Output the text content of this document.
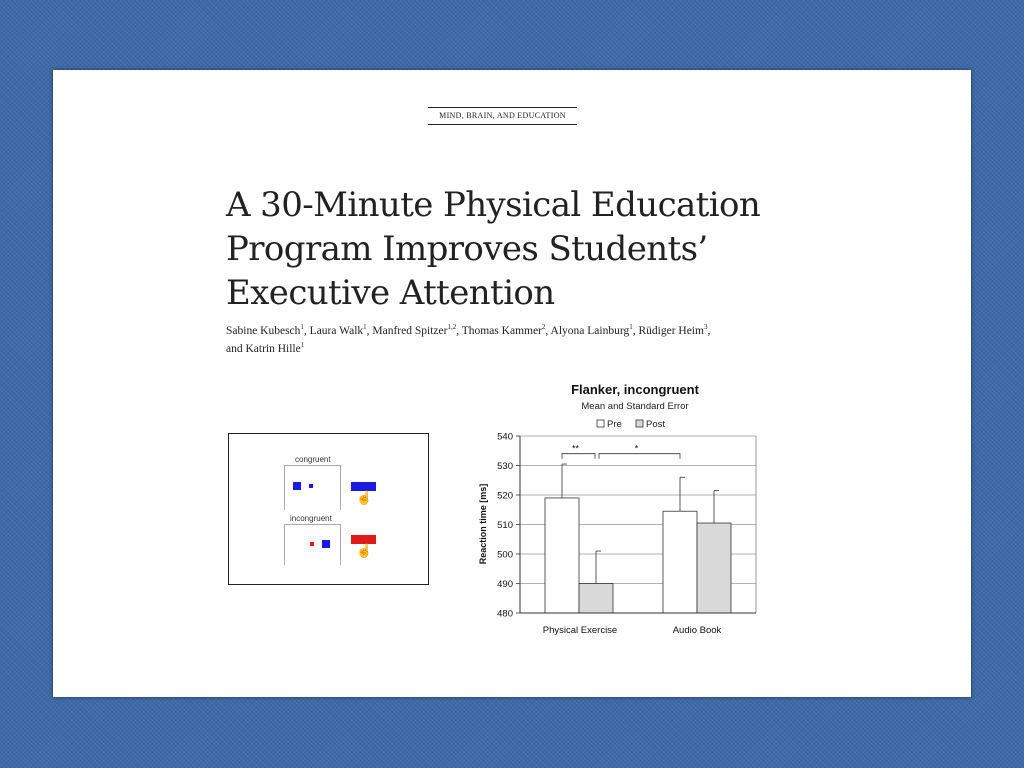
MIND, BRAIN, AND EDUCATION
A 30-Minute Physical Education
Program Improves Students’
Executive Attention
Sabine Kubesch$^1$, Laura Walk$^1$, Manfred Spitzer$^{1,2}$, Thomas Kammer$^2$, Alyona Lainburg$^1$, Rüdiger Heim$^3$,
and Katrin Hille$^1$
congruent
☝
incongruent
☝
Flanker, incongruent
Mean and Standard Error
Pre	Post
Reaction time [ms]
480
490
500
510
520
530
540
**	*
Physical Exercise	Audio Book
